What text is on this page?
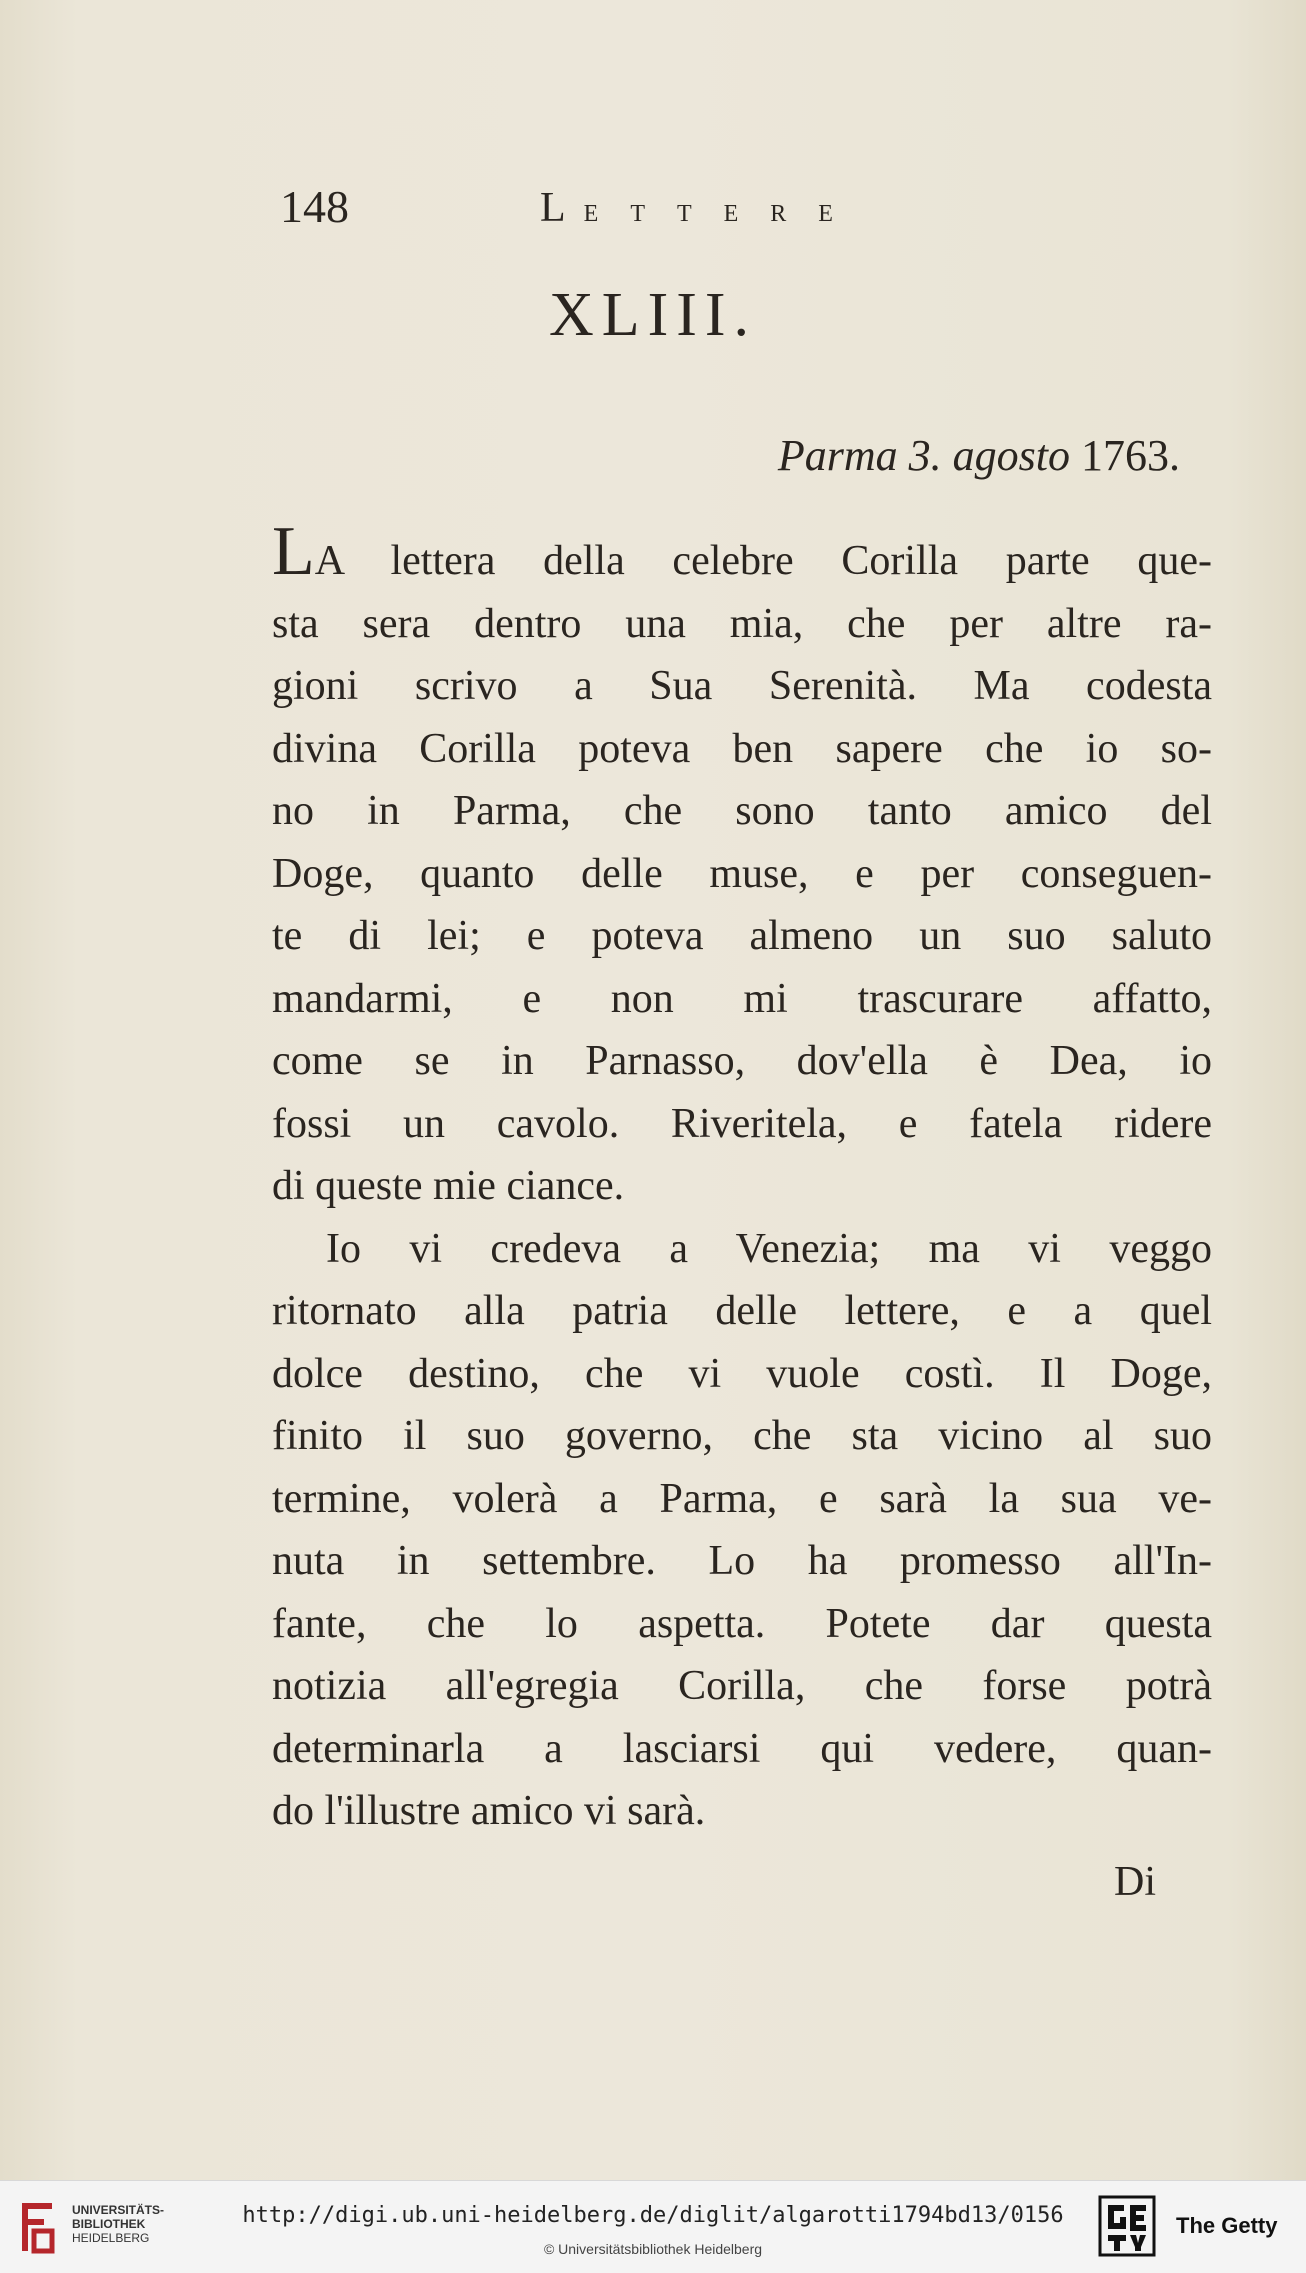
148	LETTERE
XLIII.
Parma 3. agosto 1763.
LA lettera della celebre Corilla parte que-
sta sera dentro una mia, che per altre ra-
gioni scrivo a Sua Serenità. Ma codesta
divina Corilla poteva ben sapere che io so-
no in Parma, che sono tanto amico del
Doge, quanto delle muse, e per conseguen-
te di lei; e poteva almeno un suo saluto
mandarmi, e non mi trascurare affatto,
come se in Parnasso, dov'ella è Dea, io
fossi un cavolo. Riveritela, e fatela ridere
di queste mie ciance.
Io vi credeva a Venezia; ma vi veggo
ritornato alla patria delle lettere, e a quel
dolce destino, che vi vuole costì. Il Doge,
finito il suo governo, che sta vicino al suo
termine, volerà a Parma, e sarà la sua ve-
nuta in settembre. Lo ha promesso all'In-
fante, che lo aspetta. Potete dar questa
notizia all'egregia Corilla, che forse potrà
determinarla a lasciarsi qui vedere, quan-
do l'illustre amico vi sarà.
Di
UNIVERSITÄTS-
BIBLIOTHEK
HEIDELBERG
http://digi.ub.uni-heidelberg.de/diglit/algarotti1794bd13/0156
© Universitätsbibliothek Heidelberg
The Getty
